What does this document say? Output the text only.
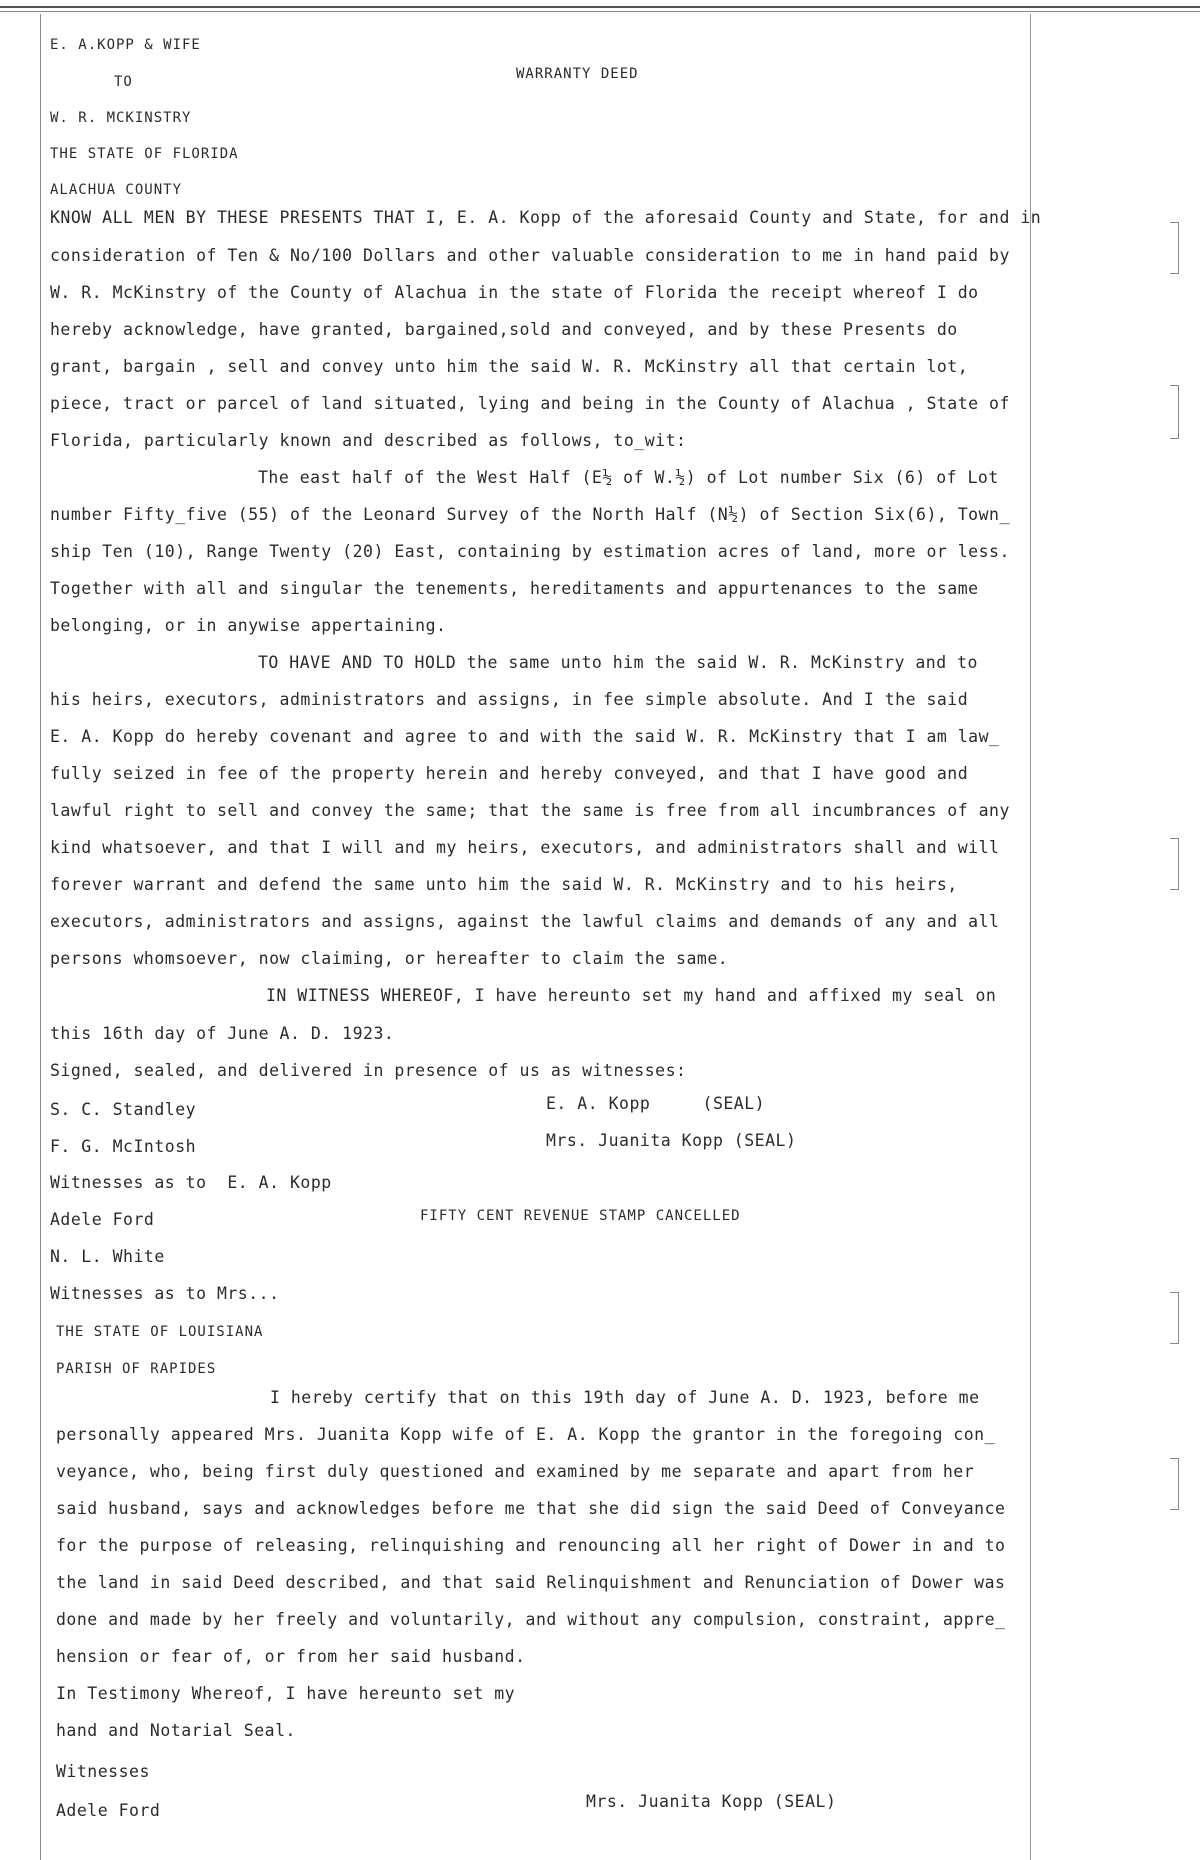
E. A.KOPP & WIFE
TO	WARRANTY DEED
W. R. MCKINSTRY
THE STATE OF FLORIDA
ALACHUA COUNTY
KNOW ALL MEN BY THESE PRESENTS THAT I, E. A. Kopp of the aforesaid County and State, for and in
consideration of Ten & No/100 Dollars and other valuable consideration to me in hand paid by
W. R. McKinstry of the County of Alachua in the state of Florida the receipt whereof I do
hereby acknowledge, have granted, bargained,sold and conveyed, and by these Presents do
grant, bargain , sell and convey unto him the said W. R. McKinstry all that certain lot,
piece, tract or parcel of land situated, lying and being in the County of Alachua , State of
Florida, particularly known and described as follows, to_wit:
The east half of the West Half (E½ of W.½) of Lot number Six (6) of Lot
number Fifty_five (55) of the Leonard Survey of the North Half (N½) of Section Six(6), Town_
ship Ten (10), Range Twenty (20) East, containing by estimation acres of land, more or less.
Together with all and singular the tenements, hereditaments and appurtenances to the same
belonging, or in anywise appertaining.
TO HAVE AND TO HOLD the same unto him the said W. R. McKinstry and to
his heirs, executors, administrators and assigns, in fee simple absolute. And I the said
E. A. Kopp do hereby covenant and agree to and with the said W. R. McKinstry that I am law_
fully seized in fee of the property herein and hereby conveyed, and that I have good and
lawful right to sell and convey the same; that the same is free from all incumbrances of any
kind whatsoever, and that I will and my heirs, executors, and administrators shall and will
forever warrant and defend the same unto him the said W. R. McKinstry and to his heirs,
executors, administrators and assigns, against the lawful claims and demands of any and all
persons whomsoever, now claiming, or hereafter to claim the same.
IN WITNESS WHEREOF, I have hereunto set my hand and affixed my seal on
this 16th day of June A. D. 1923.
Signed, sealed, and delivered in presence of us as witnesses:
S. C. Standley	E. A. Kopp     (SEAL)
F. G. McIntosh	Mrs. Juanita Kopp (SEAL)
Witnesses as to  E. A. Kopp
Adele Ford	FIFTY CENT REVENUE STAMP CANCELLED
N. L. White
Witnesses as to Mrs...
THE STATE OF LOUISIANA
PARISH OF RAPIDES
I hereby certify that on this 19th day of June A. D. 1923, before me
personally appeared Mrs. Juanita Kopp wife of E. A. Kopp the grantor in the foregoing con_
veyance, who, being first duly questioned and examined by me separate and apart from her
said husband, says and acknowledges before me that she did sign the said Deed of Conveyance
for the purpose of releasing, relinquishing and renouncing all her right of Dower in and to
the land in said Deed described, and that said Relinquishment and Renunciation of Dower was
done and made by her freely and voluntarily, and without any compulsion, constraint, appre_
hension or fear of, or from her said husband.
In Testimony Whereof, I have hereunto set my
hand and Notarial Seal.
Witnesses
Adele Ford	Mrs. Juanita Kopp (SEAL)
